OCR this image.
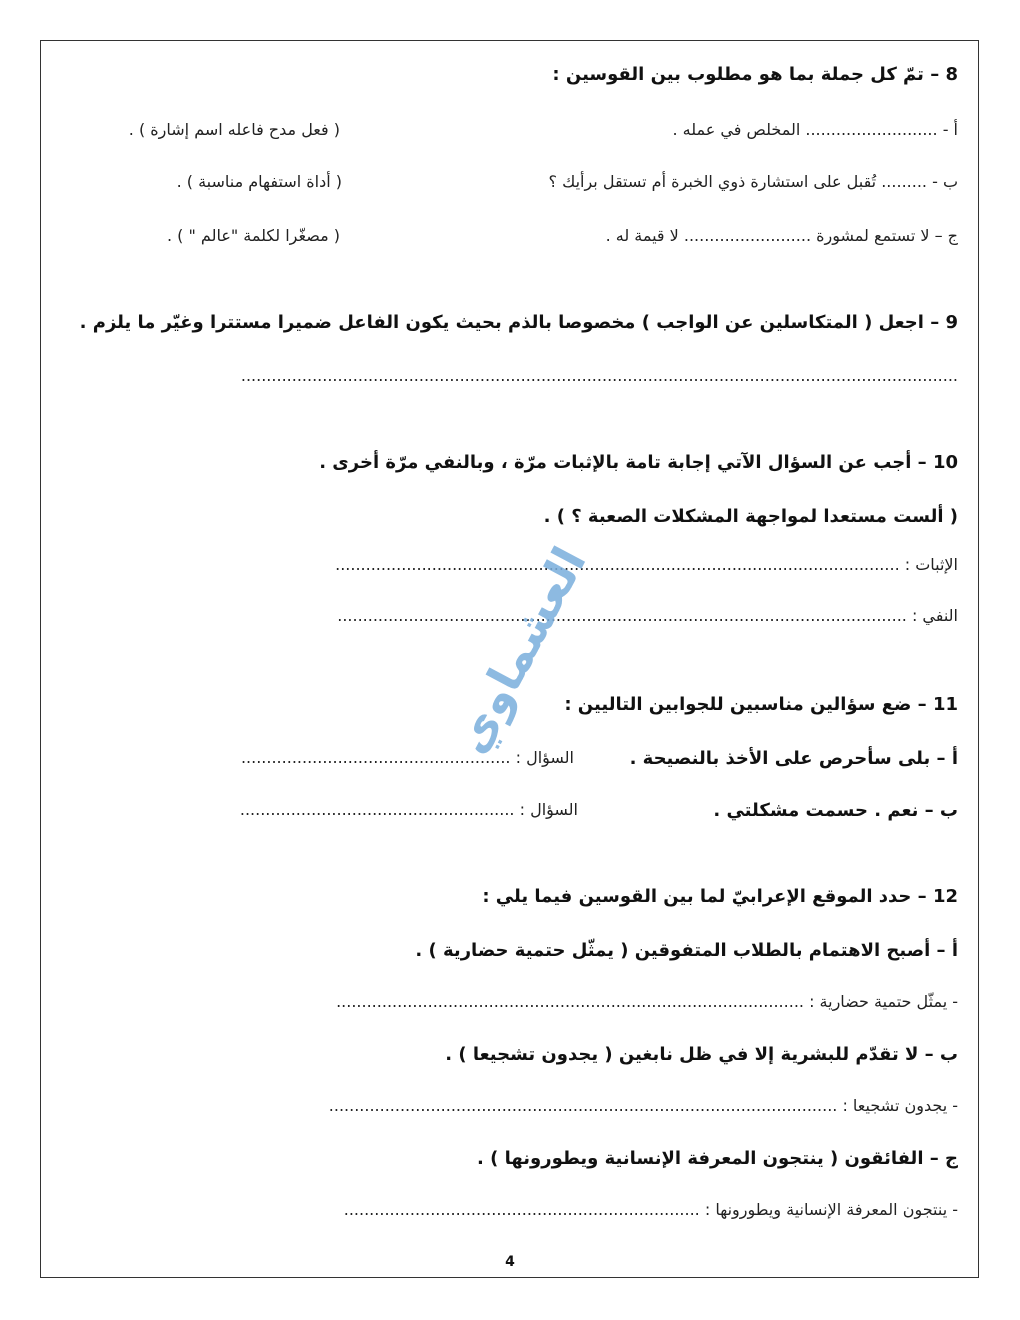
8 – تمّ كل جملة بما هو مطلوب بين القوسين :
أ - .......................... المخلص في عمله .
( فعل مدح فاعله اسم إشارة ) .
ب - ......... تُقبل على استشارة ذوي الخبرة أم تستقل برأيك ؟
( أداة استفهام مناسبة ) .
ج – لا تستمع لمشورة ......................... لا قيمة له .
( مصغّرا لكلمة "عالم " ) .
9 – اجعل ( المتكاسلين عن الواجب ) مخصوصا بالذم بحيث يكون الفاعل ضميرا مستترا وغيّر ما يلزم .
.............................................................................................................................................
10 – أجب عن السؤال الآتي إجابة تامة بالإثبات مرّة ، وبالنفي مرّة أخرى .
( ألست مستعدا لمواجهة المشكلات الصعبة ؟ ) .
الإثبات : ...............................................................................................................
النفي : ................................................................................................................
العشماوي
11 – ضع سؤالين مناسبين للجوابين التاليين :
أ – بلى سأحرص على الأخذ بالنصيحة .
السؤال : .....................................................
ب – نعم . حسمت مشكلتي .
السؤال : ......................................................
12 – حدد الموقع الإعرابيّ لما بين القوسين فيما يلي :
أ – أصبح الاهتمام بالطلاب المتفوقين ( يمثّل حتمية حضارية ) .
- يمثّل حتمية حضارية : ............................................................................................
ب – لا تقدّم للبشرية إلا في ظل نابغين ( يجدون تشجيعا ) .
- يجدون تشجيعا : ....................................................................................................
ج – الفائقون ( ينتجون المعرفة الإنسانية ويطورونها ) .
- ينتجون المعرفة الإنسانية ويطورونها : ......................................................................
4
